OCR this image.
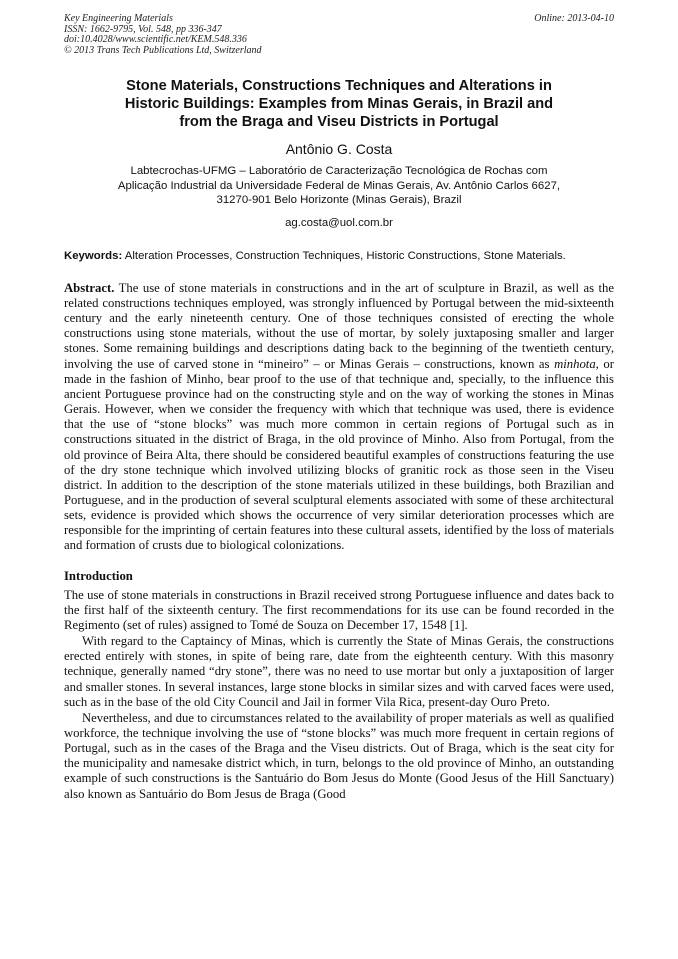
Key Engineering Materials
ISSN: 1662-9795, Vol. 548, pp 336-347
doi:10.4028/www.scientific.net/KEM.548.336
© 2013 Trans Tech Publications Ltd, Switzerland
Online: 2013-04-10
Stone Materials, Constructions Techniques and Alterations in
Historic Buildings: Examples from Minas Gerais, in Brazil and
from the Braga and Viseu Districts in Portugal
Antônio G. Costa
Labtecrochas-UFMG – Laboratório de Caracterização Tecnológica de Rochas com
Aplicação Industrial da Universidade Federal de Minas Gerais, Av. Antônio Carlos 6627,
31270-901 Belo Horizonte (Minas Gerais), Brazil
ag.costa@uol.com.br
Keywords: Alteration Processes, Construction Techniques, Historic Constructions, Stone Materials.
Abstract. The use of stone materials in constructions and in the art of sculpture in Brazil, as well as the related constructions techniques employed, was strongly influenced by Portugal between the mid-sixteenth century and the early nineteenth century. One of those techniques consisted of erecting the whole constructions using stone materials, without the use of mortar, by solely juxtaposing smaller and larger stones. Some remaining buildings and descriptions dating back to the beginning of the twentieth century, involving the use of carved stone in “mineiro” – or Minas Gerais – constructions, known as minhota, or made in the fashion of Minho, bear proof to the use of that technique and, specially, to the influence this ancient Portuguese province had on the constructing style and on the way of working the stones in Minas Gerais. However, when we consider the frequency with which that technique was used, there is evidence that the use of “stone blocks” was much more common in certain regions of Portugal such as in constructions situated in the district of Braga, in the old province of Minho. Also from Portugal, from the old province of Beira Alta, there should be considered beautiful examples of constructions featuring the use of the dry stone technique which involved utilizing blocks of granitic rock as those seen in the Viseu district. In addition to the description of the stone materials utilized in these buildings, both Brazilian and Portuguese, and in the production of several sculptural elements associated with some of these architectural sets, evidence is provided which shows the occurrence of very similar deterioration processes which are responsible for the imprinting of certain features into these cultural assets, identified by the loss of materials and formation of crusts due to biological colonizations.
Introduction
The use of stone materials in constructions in Brazil received strong Portuguese influence and dates back to the first half of the sixteenth century. The first recommendations for its use can be found recorded in the Regimento (set of rules) assigned to Tomé de Souza on December 17, 1548 [1].
With regard to the Captaincy of Minas, which is currently the State of Minas Gerais, the constructions erected entirely with stones, in spite of being rare, date from the eighteenth century. With this masonry technique, generally named “dry stone”, there was no need to use mortar but only a juxtaposition of larger and smaller stones. In several instances, large stone blocks in similar sizes and with carved faces were used, such as in the base of the old City Council and Jail in former Vila Rica, present-day Ouro Preto.
Nevertheless, and due to circumstances related to the availability of proper materials as well as qualified workforce, the technique involving the use of “stone blocks” was much more frequent in certain regions of Portugal, such as in the cases of the Braga and the Viseu districts. Out of Braga, which is the seat city for the municipality and namesake district which, in turn, belongs to the old province of Minho, an outstanding example of such constructions is the Santuário do Bom Jesus do Monte (Good Jesus of the Hill Sanctuary) also known as Santuário do Bom Jesus de Braga (Good
